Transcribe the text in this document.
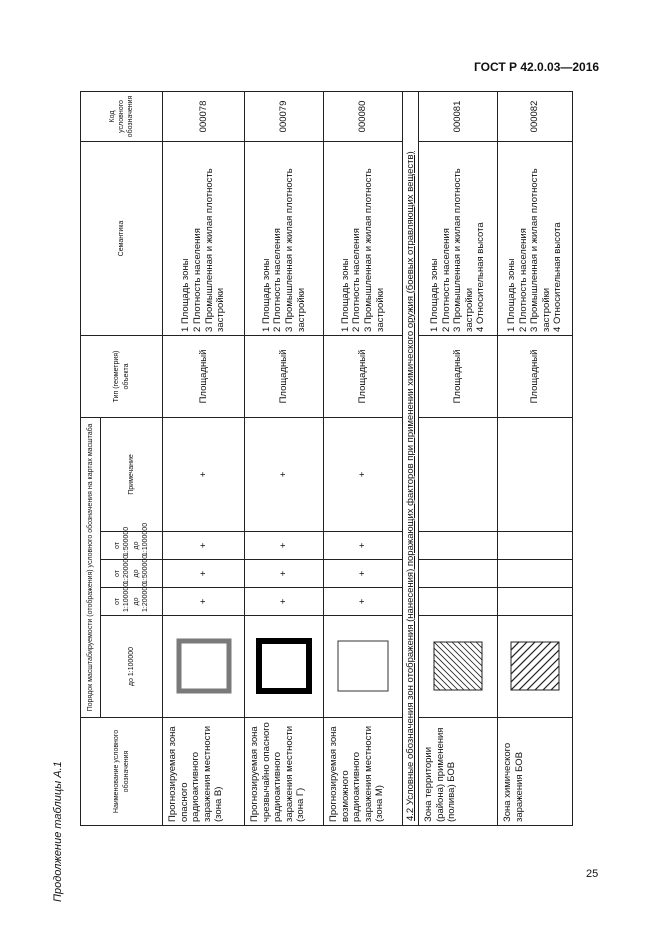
ГОСТ Р 42.0.03—2016
25
Продолжение таблицы А.1	Наименование условного обозначения	Порядок масштабируемости (отображения) условного обозначения на картах масштаба					Тип (геометрия) объекта	Семантика	Код условного обозначения
	до 1:100000	от 1:100000 до 1:200000	от 1:200000 до 1:500000	от 1:500000 до 1:1000000	Примечание			
Прогнозируемая зона опасного радиоактивного заражения местности (зона В)		+	+	+	+	Площадный	1 Площадь зоны 2 Плотность населения 3 Промышленная и жилая плотность застройки	000078
Прогнозируемая зона чрезвычайно опасного радиоактивного заражения местности (зона Г)		+	+	+	+	Площадный	1 Площадь зоны 2 Плотность населения 3 Промышленная и жилая плотность застройки	000079
Прогнозируемая зона возможного радиоактивного заражения местности (зона М)		+	+	+	+	Площадный	1 Площадь зоны 2 Плотность населения 3 Промышленная и жилая плотность застройки	000080
4.2 Условные обозначения зон отображения (нанесения) поражающих факторов при применении химического оружия (боевых отравляющих веществ)								
Зона территории (района) применения (полива) БОВ						Площадный	1 Площадь зоны 2 Плотность населения 3 Промышленная и жилая плотность застройки 4 Относительная высота	000081
Зона химического заражения БОВ						Площадный	1 Площадь зоны 2 Плотность населения 3 Промышленная и жилая плотность застройки 4 Относительная высота	000082
